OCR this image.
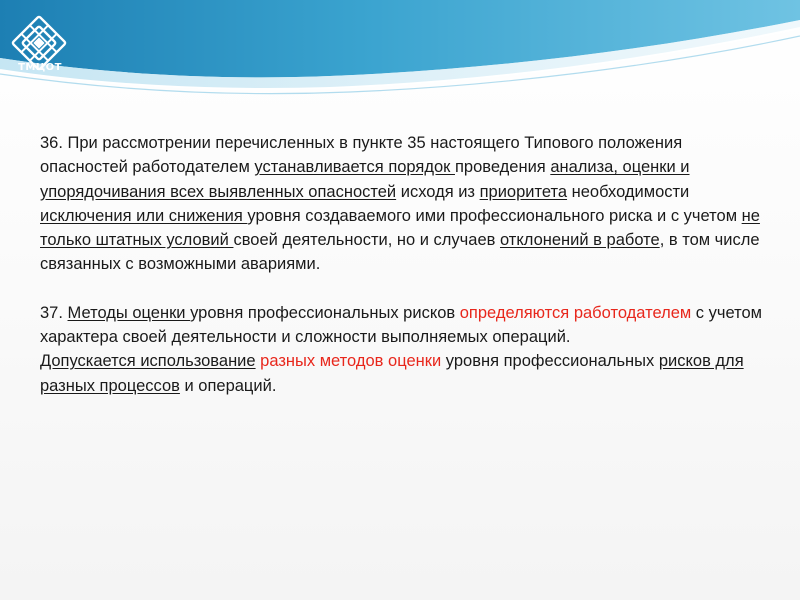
ТМЦОТ

36. При рассмотрении перечисленных в пункте 35 настоящего Типового положения опасностей работодателем устанавливается порядок проведения анализа, оценки и упорядочивания всех выявленных опасностей исходя из приоритета необходимости исключения или снижения уровня создаваемого ими профессионального риска и с учетом не только штатных условий своей деятельности, но и случаев отклонений в работе, в том числе связанных с возможными авариями.

37. Методы оценки уровня профессиональных рисков определяются работодателем с учетом характера своей деятельности и сложности выполняемых операций.

Допускается использование разных методов оценки уровня профессиональных рисков для разных процессов и операций.
